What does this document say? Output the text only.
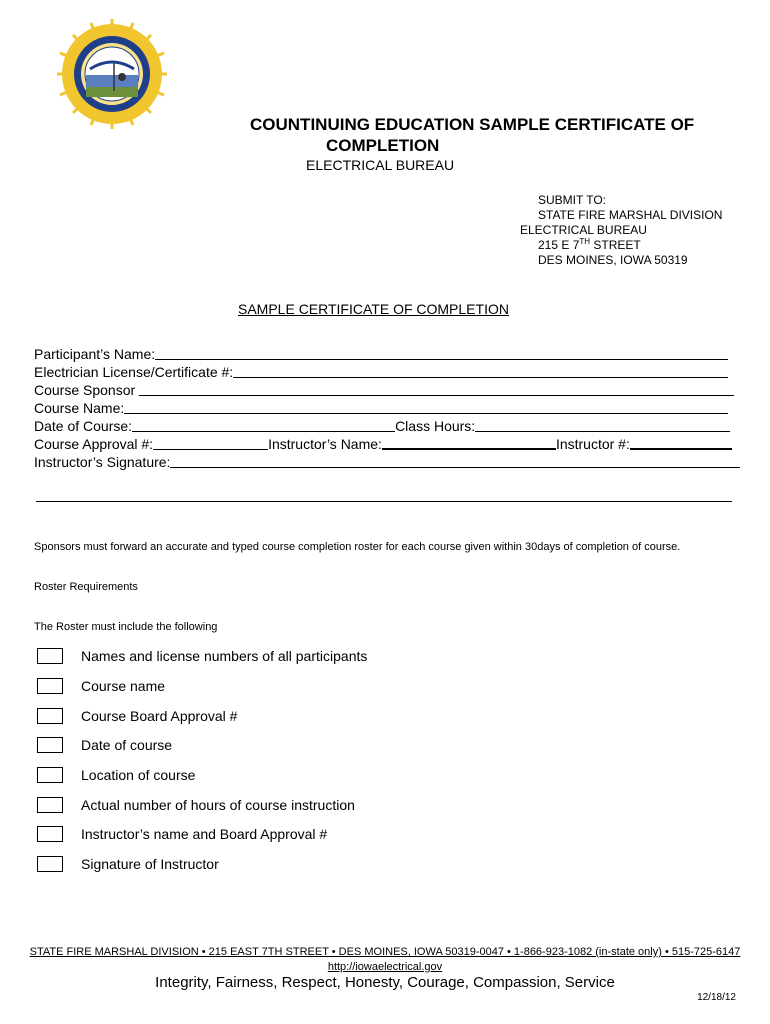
COUNTINUING EDUCATION SAMPLE CERTIFICATE OF
COMPLETION
ELECTRICAL BUREAU
SUBMIT TO:
STATE FIRE MARSHAL DIVISION
ELECTRICAL BUREAU
215 E 7TH STREET
DES MOINES, IOWA 50319
SAMPLE CERTIFICATE OF COMPLETION
Participant’s Name:
Electrician License/Certificate #:
Course Sponsor
Course Name:
Date of Course:	Class Hours:
Course Approval #:	Instructor’s Name:	Instructor #:
Instructor’s Signature:
Sponsors must forward an accurate and typed course completion roster for each course given within 30days of completion of course.
Roster Requirements
The Roster must include the following
Names and license numbers of all participants
Course name
Course Board Approval #
Date of course
Location of course
Actual number of hours of course instruction
Instructor’s name and Board Approval #
Signature of Instructor
STATE FIRE MARSHAL DIVISION • 215 EAST 7TH STREET • DES MOINES, IOWA 50319-0047 • 1-866-923-1082 (in-state only) • 515-725-6147
http://iowaelectrical.gov
Integrity, Fairness, Respect, Honesty, Courage, Compassion, Service
12/18/12
